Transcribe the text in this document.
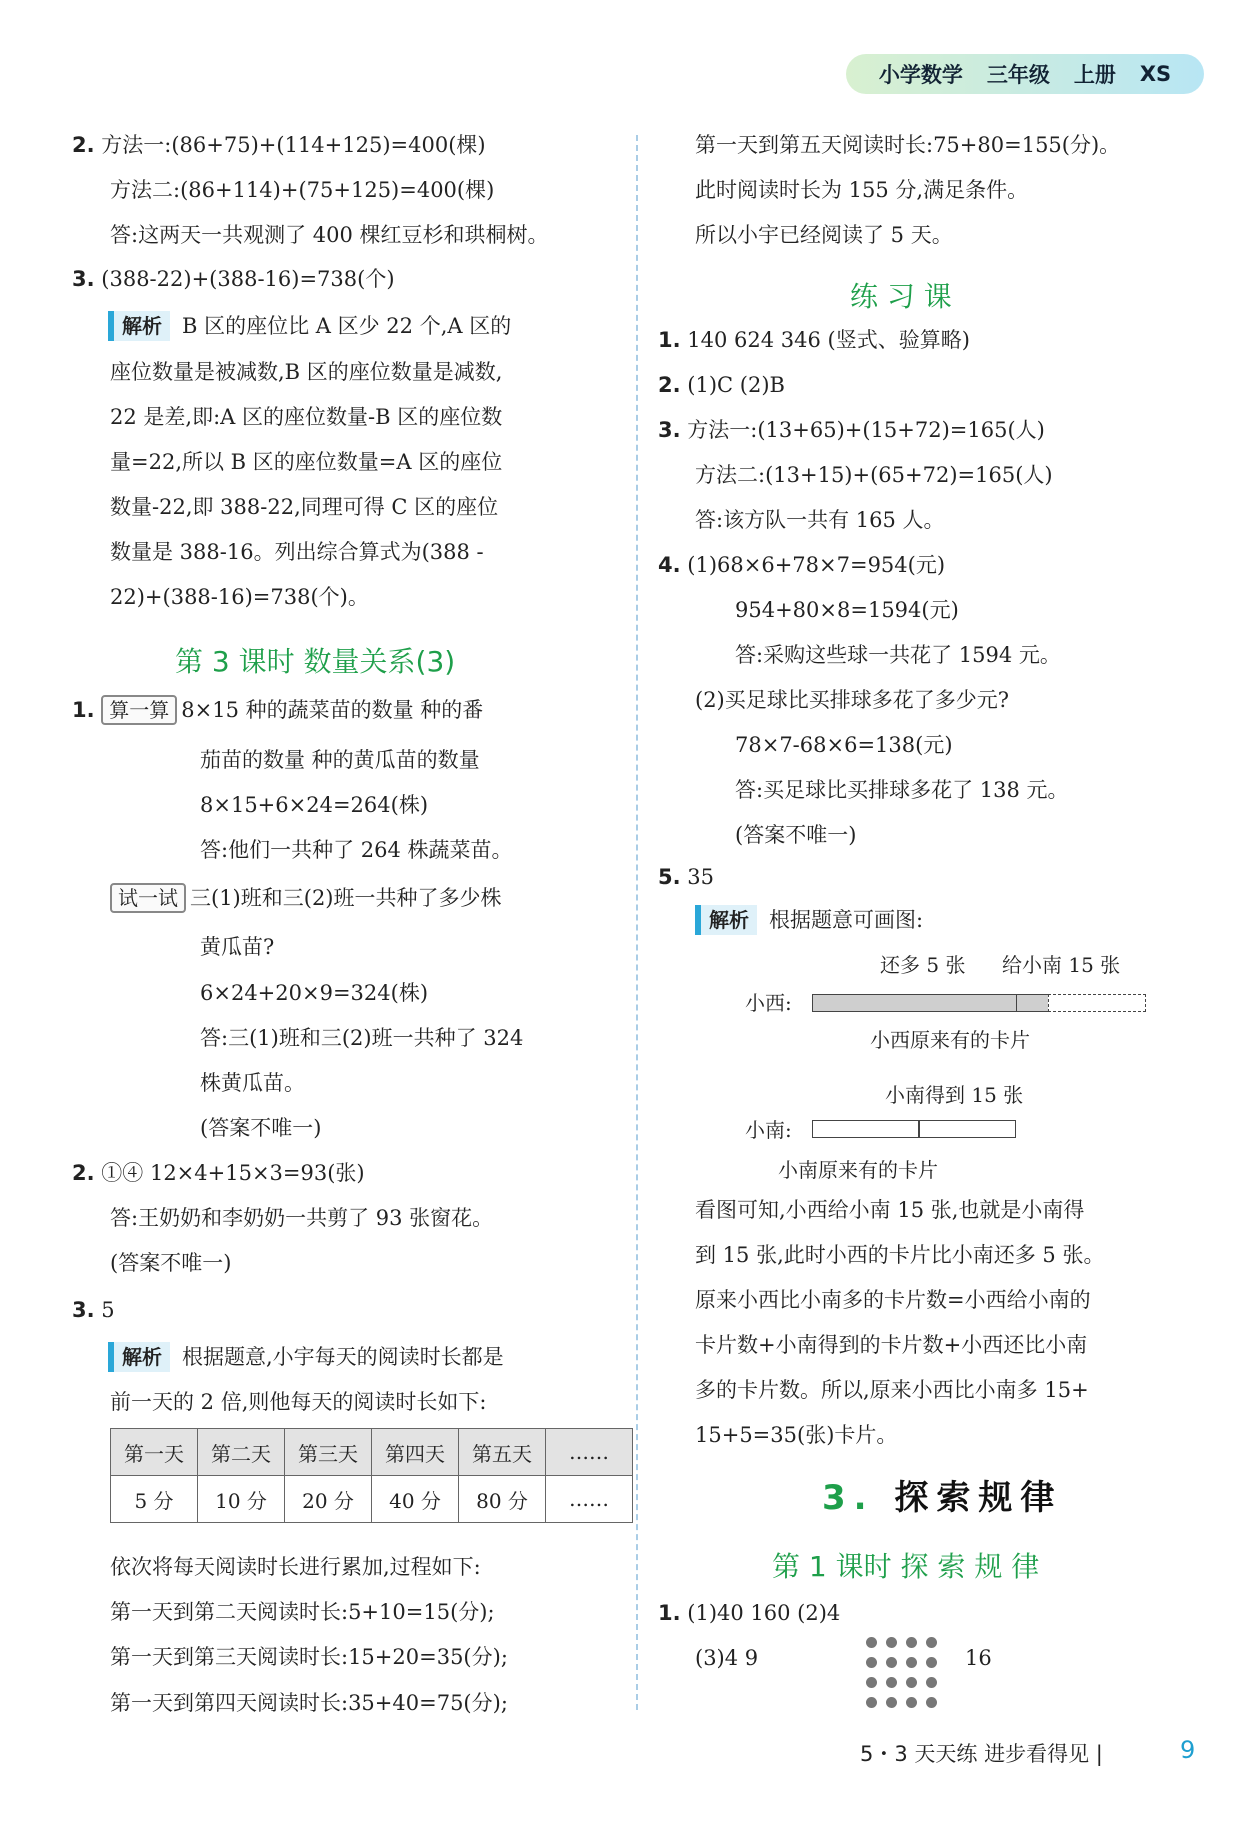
小学数学 三年级 上册 XS
2. 方法一:(86+75)+(114+125)=400(棵)
方法二:(86+114)+(75+125)=400(棵)
答:这两天一共观测了 400 棵红豆杉和珙桐树。
3. (388-22)+(388-16)=738(个)
解析 B 区的座位比 A 区少 22 个,A 区的
座位数量是被减数,B 区的座位数量是减数,
22 是差,即:A 区的座位数量-B 区的座位数
量=22,所以 B 区的座位数量=A 区的座位
数量-22,即 388-22,同理可得 C 区的座位
数量是 388-16。列出综合算式为(388 -
22)+(388-16)=738(个)。
第 3 课时 数量关系(3)
1. 算一算 8×15 种的蔬菜苗的数量 种的番
茄苗的数量 种的黄瓜苗的数量
8×15+6×24=264(株)
答:他们一共种了 264 株蔬菜苗。
试一试 三(1)班和三(2)班一共种了多少株
黄瓜苗?
6×24+20×9=324(株)
答:三(1)班和三(2)班一共种了 324
株黄瓜苗。
(答案不唯一)
2. ①④ 12×4+15×3=93(张)
答:王奶奶和李奶奶一共剪了 93 张窗花。
(答案不唯一)
3. 5
解析 根据题意,小宇每天的阅读时长都是
前一天的 2 倍,则他每天的阅读时长如下:
第一天	第二天	第三天	第四天	第五天	……
5 分	10 分	20 分	40 分	80 分	……
依次将每天阅读时长进行累加,过程如下:
第一天到第二天阅读时长:5+10=15(分);
第一天到第三天阅读时长:15+20=35(分);
第一天到第四天阅读时长:35+40=75(分);
第一天到第五天阅读时长:75+80=155(分)。
此时阅读时长为 155 分,满足条件。
所以小宇已经阅读了 5 天。
练 习 课
1. 140 624 346 (竖式、验算略)
2. (1)C (2)B
3. 方法一:(13+65)+(15+72)=165(人)
方法二:(13+15)+(65+72)=165(人)
答:该方队一共有 165 人。
4. (1)68×6+78×7=954(元)
954+80×8=1594(元)
答:采购这些球一共花了 1594 元。
(2)买足球比买排球多花了多少元?
78×7-68×6=138(元)
答:买足球比买排球多花了 138 元。
(答案不唯一)
5. 35
解析 根据题意可画图:
还多 5 张 给小南 15 张
小西:
小西原来有的卡片
小南得到 15 张
小南:
小南原来有的卡片
看图可知,小西给小南 15 张,也就是小南得
到 15 张,此时小西的卡片比小南还多 5 张。
原来小西比小南多的卡片数=小西给小南的
卡片数+小南得到的卡片数+小西还比小南
多的卡片数。所以,原来小西比小南多 15+
15+5=35(张)卡片。
3. 探索规律
第 1 课时 探 索 规 律
1. (1)40 160 (2)4
(3)4 9	16
5・3 天天练 进步看得见 |	9
